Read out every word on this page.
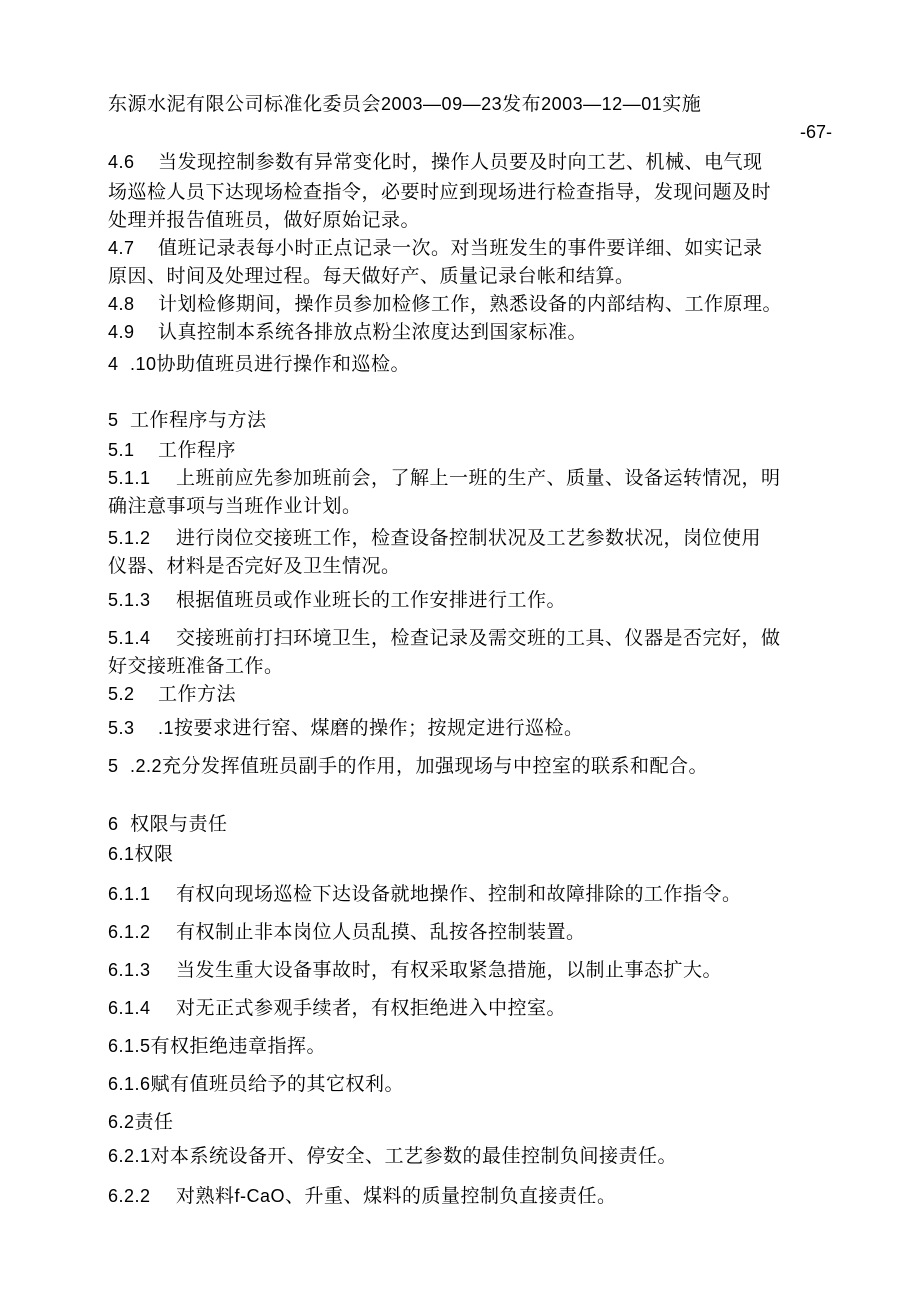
东源水泥有限公司标准化委员会2003—09—23发布2003—12—01实施
-67-
4.6 当发现控制参数有异常变化时，操作人员要及时向工艺、机械、电气现
场巡检人员下达现场检查指令，必要时应到现场进行检查指导，发现问题及时
处理并报告值班员，做好原始记录。
4.7 值班记录表每小时正点记录一次。对当班发生的事件要详细、如实记录
原因、时间及处理过程。每天做好产、质量记录台帐和结算。
4.8 计划检修期间，操作员参加检修工作，熟悉设备的内部结构、工作原理。
4.9 认真控制本系统各排放点粉尘浓度达到国家标准。
4 .10协助值班员进行操作和巡检。
5 工作程序与方法
5.1 工作程序
5.1.1 上班前应先参加班前会，了解上一班的生产、质量、设备运转情况，明
确注意事项与当班作业计划。
5.1.2 进行岗位交接班工作，检查设备控制状况及工艺参数状况，岗位使用
仪器、材料是否完好及卫生情况。
5.1.3 根据值班员或作业班长的工作安排进行工作。
5.1.4 交接班前打扫环境卫生，检查记录及需交班的工具、仪器是否完好，做
好交接班准备工作。
5.2 工作方法
5.3 .1按要求进行窑、煤磨的操作；按规定进行巡检。
5 .2.2充分发挥值班员副手的作用，加强现场与中控室的联系和配合。
6 权限与责任
6.1权限
6.1.1 有权向现场巡检下达设备就地操作、控制和故障排除的工作指令。
6.1.2 有权制止非本岗位人员乱摸、乱按各控制装置。
6.1.3 当发生重大设备事故时，有权采取紧急措施，以制止事态扩大。
6.1.4 对无正式参观手续者，有权拒绝进入中控室。
6.1.5有权拒绝违章指挥。
6.1.6赋有值班员给予的其它权利。
6.2责任
6.2.1对本系统设备开、停安全、工艺参数的最佳控制负间接责任。
6.2.2 对熟料f-CaO、升重、煤料的质量控制负直接责任。
